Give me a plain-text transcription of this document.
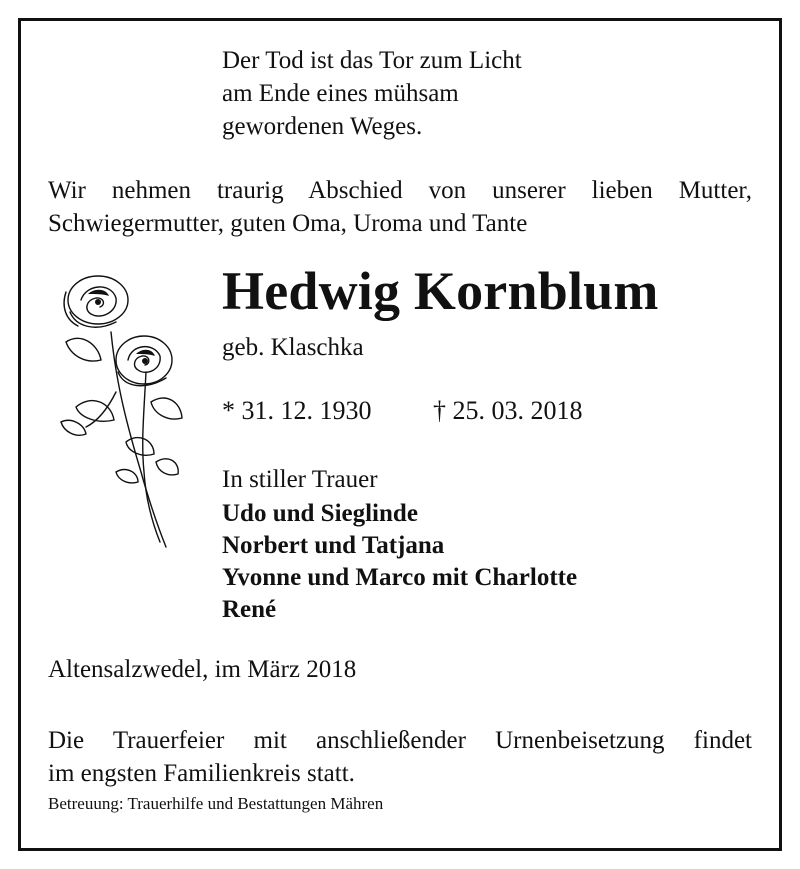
Der Tod ist das Tor zum Licht
am Ende eines mühsam
gewordenen Weges.
Wir nehmen traurig Abschied von unserer lieben Mutter,
Schwiegermutter, guten Oma, Uroma und Tante
Hedwig Kornblum
geb. Klaschka
* 31. 12. 1930 † 25. 03. 2018
In stiller Trauer
Udo und Sieglinde
Norbert und Tatjana
Yvonne und Marco mit Charlotte
René
Altensalzwedel, im März 2018
Die Trauerfeier mit anschließender Urnenbeisetzung findet
im engsten Familienkreis statt.
Betreuung: Trauerhilfe und Bestattungen Mähren
